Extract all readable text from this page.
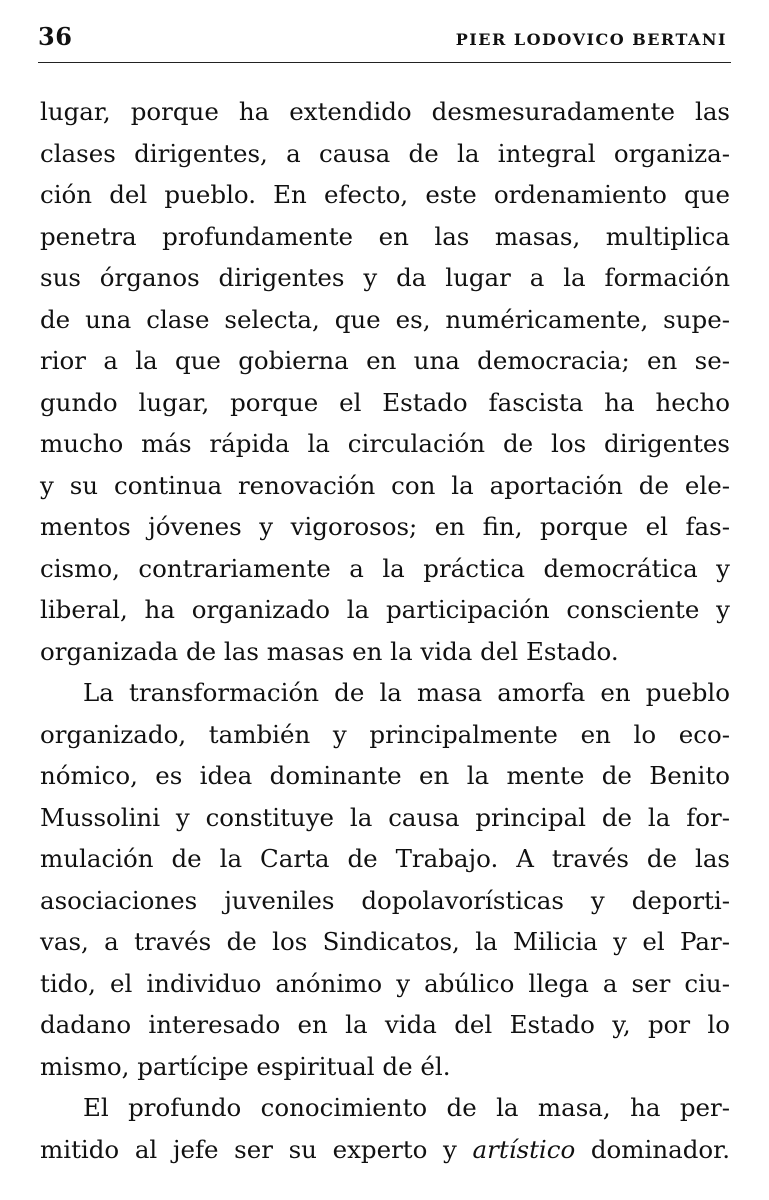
36	PIER LODOVICO BERTANI
lugar, porque ha extendido desmesuradamente las
clases dirigentes, a causa de la integral organiza-
ción del pueblo. En efecto, este ordenamiento que
penetra profundamente en las masas, multiplica
sus órganos dirigentes y da lugar a la formación
de una clase selecta, que es, numéricamente, supe-
rior a la que gobierna en una democracia; en se-
gundo lugar, porque el Estado fascista ha hecho
mucho más rápida la circulación de los dirigentes
y su continua renovación con la aportación de ele-
mentos jóvenes y vigorosos; en fin, porque el fas-
cismo, contrariamente a la práctica democrática y
liberal, ha organizado la participación consciente y
organizada de las masas en la vida del Estado.
La transformación de la masa amorfa en pueblo
organizado, también y principalmente en lo eco-
nómico, es idea dominante en la mente de Benito
Mussolini y constituye la causa principal de la for-
mulación de la Carta de Trabajo. A través de las
asociaciones juveniles dopolavorísticas y deporti-
vas, a través de los Sindicatos, la Milicia y el Par-
tido, el individuo anónimo y abúlico llega a ser ciu-
dadano interesado en la vida del Estado y, por lo
mismo, partícipe espiritual de él.
El profundo conocimiento de la masa, ha per-
mitido al jefe ser su experto y artístico dominador.
